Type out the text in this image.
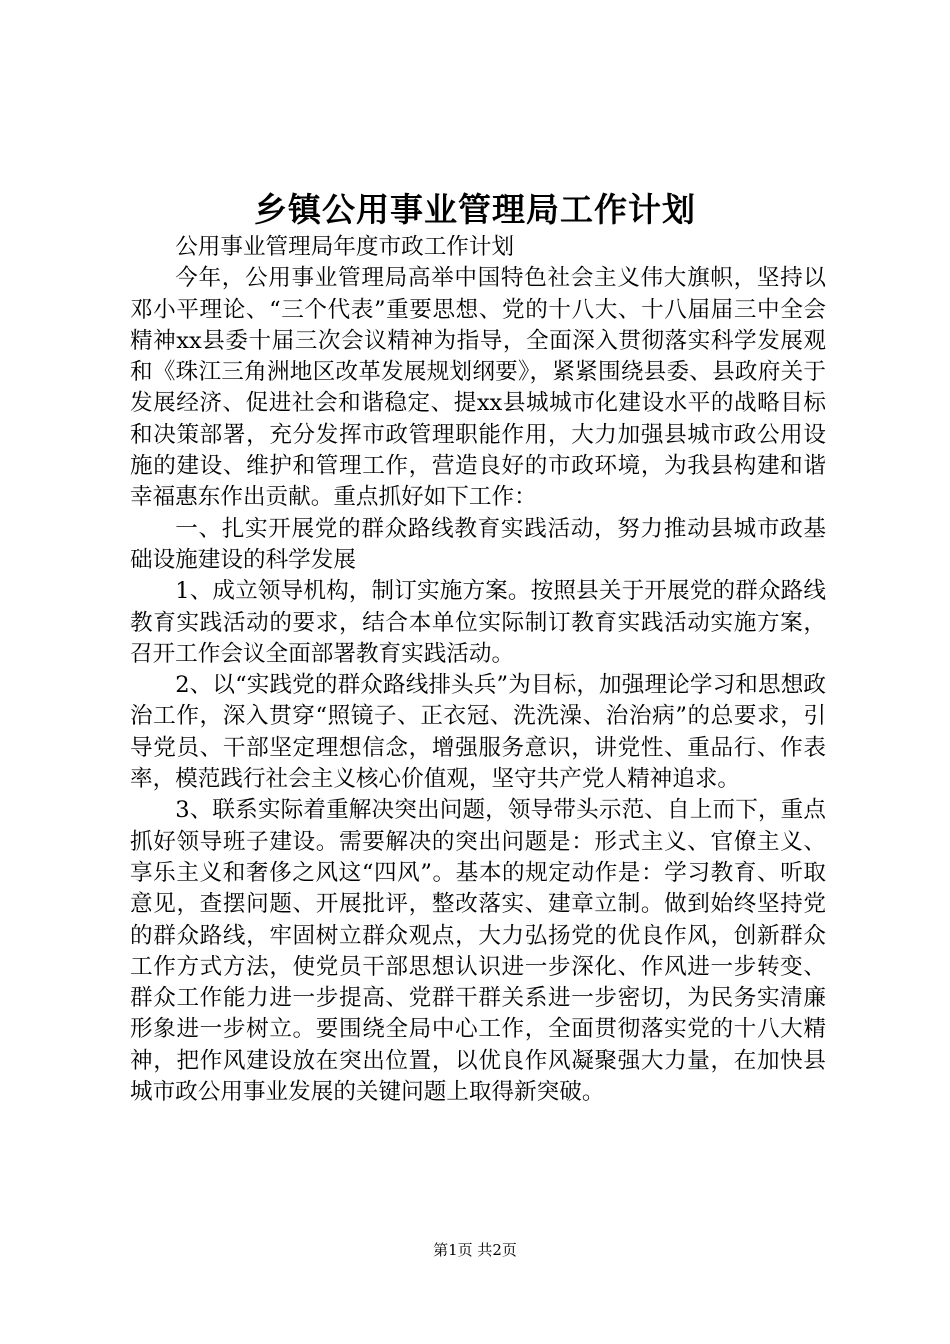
乡镇公用事业管理局工作计划

公用事业管理局年度市政工作计划

今年，公用事业管理局高举中国特色社会主义伟大旗帜，坚持以邓小平理论、“三个代表”重要思想、党的十八大、十八届届三中全会精神xx县委十届三次会议精神为指导，全面深入贯彻落实科学发展观和《珠江三角洲地区改革发展规划纲要》，紧紧围绕县委、县政府关于发展经济、促进社会和谐稳定、提xx县城城市化建设水平的战略目标和决策部署，充分发挥市政管理职能作用，大力加强县城市政公用设施的建设、维护和管理工作，营造良好的市政环境，为我县构建和谐幸福惠东作出贡献。重点抓好如下工作：

一、扎实开展党的群众路线教育实践活动，努力推动县城市政基础设施建设的科学发展

1、成立领导机构，制订实施方案。按照县关于开展党的群众路线教育实践活动的要求，结合本单位实际制订教育实践活动实施方案，召开工作会议全面部署教育实践活动。

2、以“实践党的群众路线排头兵”为目标，加强理论学习和思想政治工作，深入贯穿“照镜子、正衣冠、洗洗澡、治治病”的总要求，引导党员、干部坚定理想信念，增强服务意识，讲党性、重品行、作表率，模范践行社会主义核心价值观，坚守共产党人精神追求。

3、联系实际着重解决突出问题，领导带头示范、自上而下，重点抓好领导班子建设。需要解决的突出问题是：形式主义、官僚主义、享乐主义和奢侈之风这“四风”。基本的规定动作是：学习教育、听取意见，查摆问题、开展批评，整改落实、建章立制。做到始终坚持党的群众路线，牢固树立群众观点，大力弘扬党的优良作风，创新群众工作方式方法，使党员干部思想认识进一步深化、作风进一步转变、群众工作能力进一步提高、党群干群关系进一步密切，为民务实清廉形象进一步树立。要围绕全局中心工作，全面贯彻落实党的十八大精神，把作风建设放在突出位置，以优良作风凝聚强大力量，在加快县城市政公用事业发展的关键问题上取得新突破。

第1页 共2页
